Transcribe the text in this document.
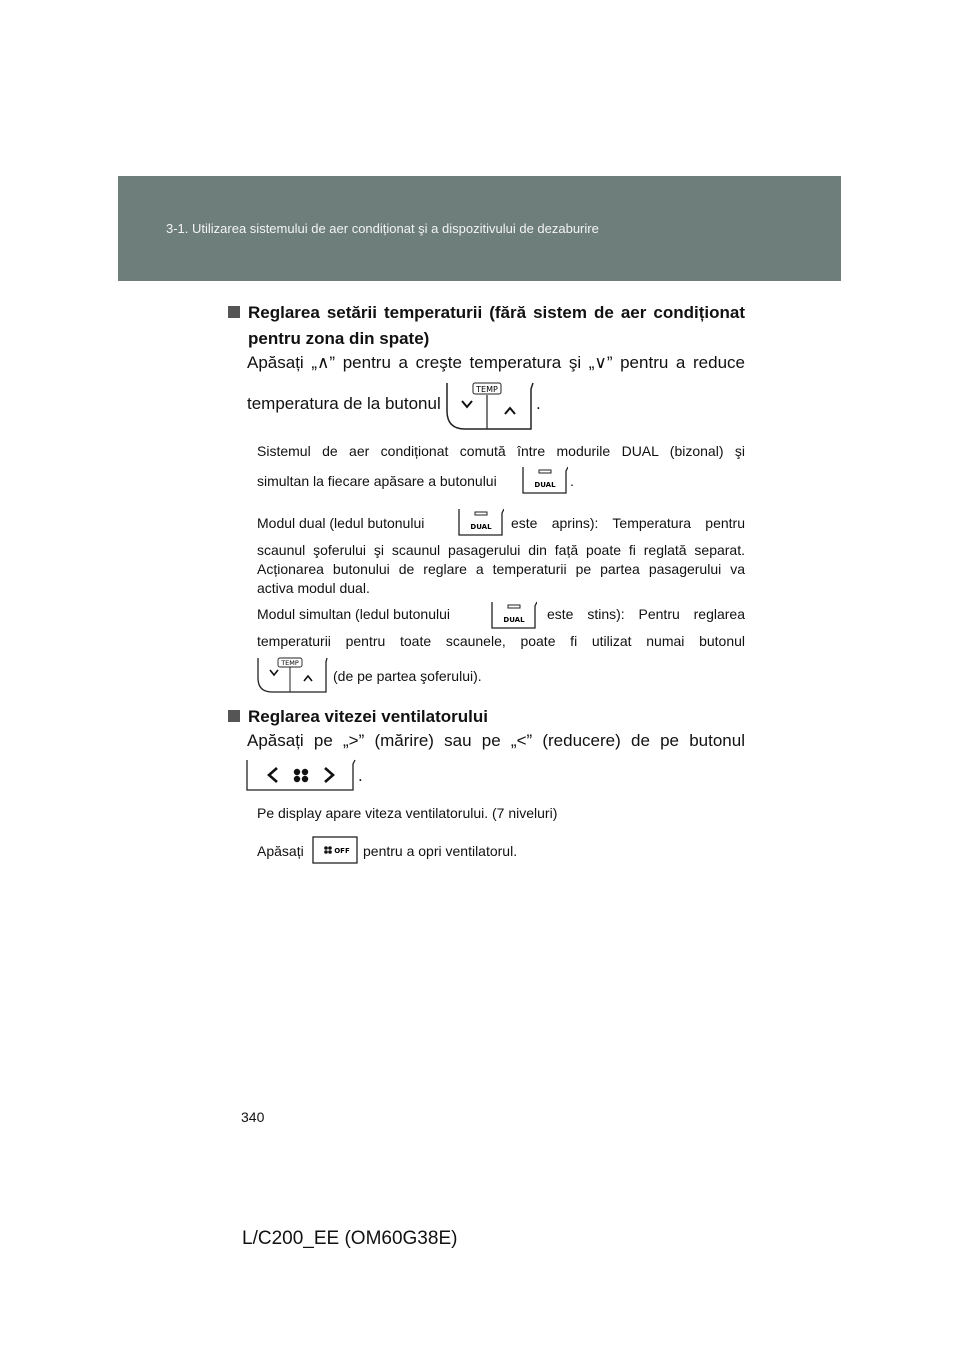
3-1. Utilizarea sistemului de aer condiționat şi a dispozitivului de dezaburire
Reglarea setării temperaturii (fără sistem de aer condiționat
pentru zona din spate)
Apăsați „∧” pentru a creşte temperatura şi „∨” pentru a reduce
temperatura de la butonul
TEMP
.
Sistemul de aer condiționat comută între modurile DUAL (bizonal) şi
simultan la fiecare apăsare a butonului	DUAL .
Modul dual (ledul butonului	DUAL este aprins): Temperatura pentru
scaunul şoferului şi scaunul pasagerului din față poate fi reglată separat.
Acționarea butonului de reglare a temperaturii pe partea pasagerului va
activa modul dual.
Modul simultan (ledul butonului	DUAL este stins): Pentru reglarea
temperaturii pentru toate scaunele, poate fi utilizat numai butonul
TEMP
(de pe partea şoferului).
Reglarea vitezei ventilatorului
Apăsați pe „>” (mărire) sau pe „<” (reducere) de pe butonul
.
Pe display apare viteza ventilatorului. (7 niveluri)
Apăsați	OFF pentru a opri ventilatorul.
340
L/C200_EE (OM60G38E)
